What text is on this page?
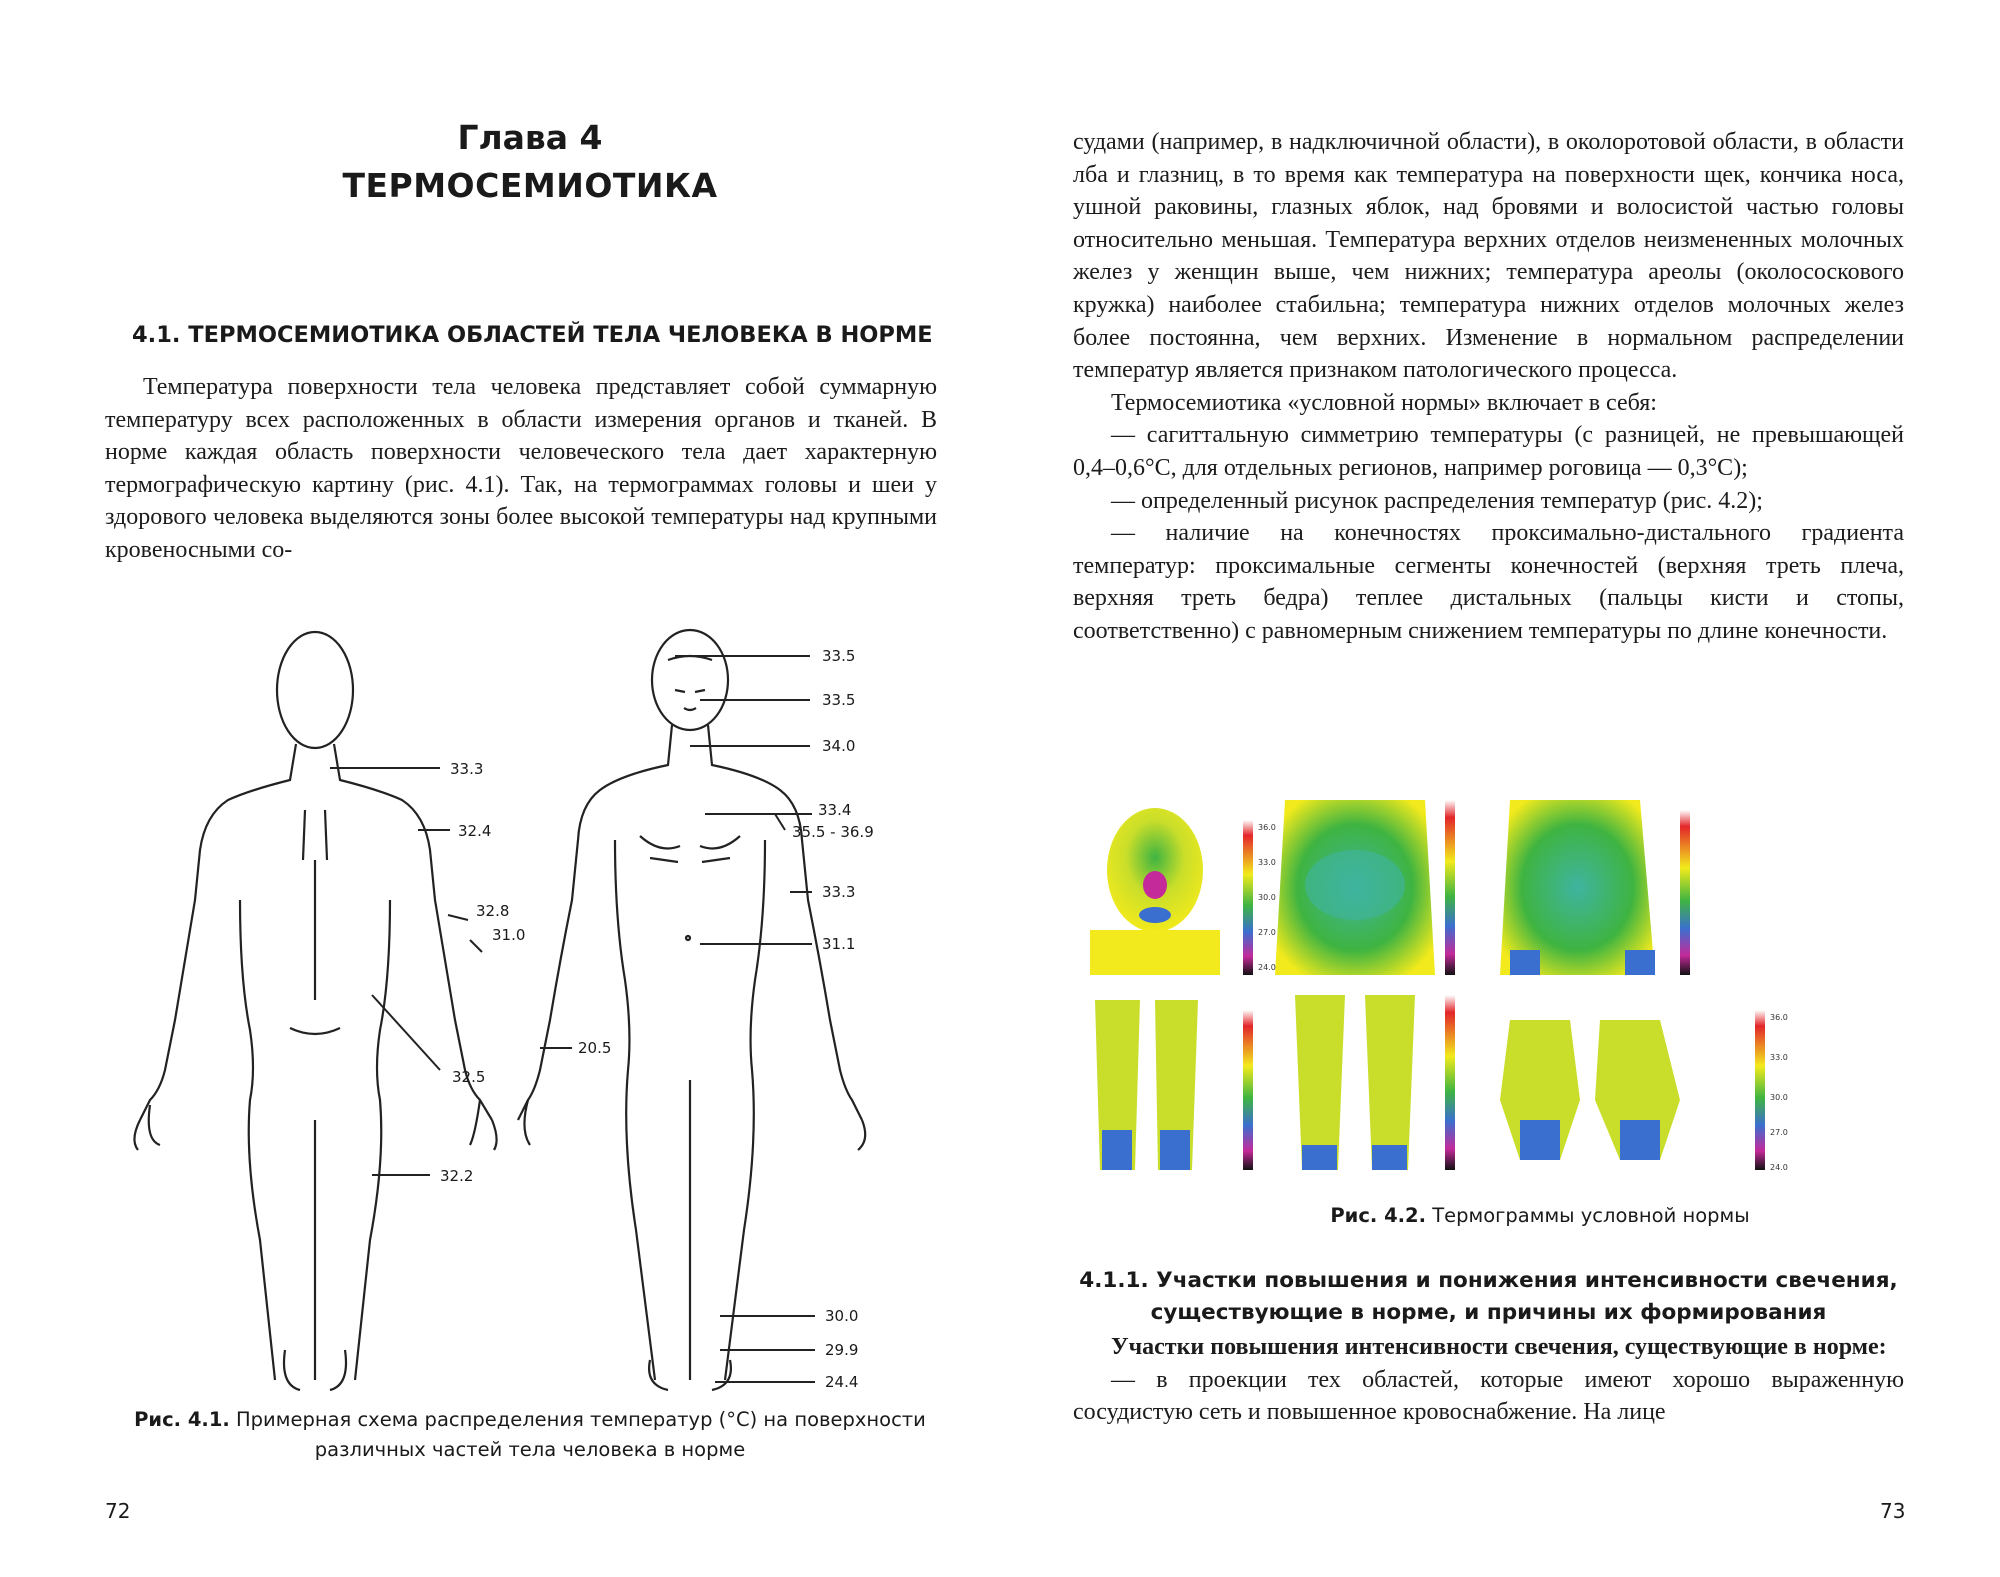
Глава 4
ТЕРМОСЕМИОТИКА
4.1. ТЕРМОСЕМИОТИКА ОБЛАСТЕЙ ТЕЛА ЧЕЛОВЕКА В НОРМЕ

Температура поверхности тела человека представляет собой суммарную температуру всех расположенных в области измерения органов и тканей. В норме каждая область поверхности человеческого тела дает характерную термографическую картину (рис. 4.1). Так, на термограммах головы и шеи у здорового человека выделяются зоны более высокой температуры над крупными кровеносными со-

33.3
32.4
32.8
31.0
32.5
32.2
33.5
33.5
34.0
33.4
35.5 - 36.9
33.3
31.1
20.5
30.0
29.9
24.4
Рис. 4.1. Примерная схема распределения температур (°С) на поверхности различных частей тела человека в норме
72

судами (например, в надключичной области), в околоротовой области, в области лба и глазниц, в то время как температура на поверхности щек, кончика носа, ушной раковины, глазных яблок, над бровями и волосистой частью головы относительно меньшая. Температура верхних отделов неизмененных молочных желез у женщин выше, чем нижних; температура ареолы (околососкового кружка) наиболее стабильна; температура нижних отделов молочных желез более постоянна, чем верхних. Изменение в нормальном распределении температур является признаком патологического процесса.

Термосемиотика «условной нормы» включает в себя:

— сагиттальную симметрию температуры (с разницей, не превышающей 0,4–0,6°С, для отдельных регионов, например роговица — 0,3°С);

— определенный рисунок распределения температур (рис. 4.2);

— наличие на конечностях проксимально-дистального градиента температур: проксимальные сегменты конечностей (верхняя треть плеча, верхняя треть бедра) теплее дистальных (пальцы кисти и стопы, соответственно) с равномерным снижением температуры по длине конечности.

36.0
33.0
30.0
27.0
24.0
36.0
33.0
30.0
27.0
24.0
Рис. 4.2. Термограммы условной нормы
4.1.1. Участки повышения и понижения интенсивности свечения, существующие в норме, и причины их формирования

Участки повышения интенсивности свечения, существующие в норме:

— в проекции тех областей, которые имеют хорошо выраженную сосудистую сеть и повышенное кровоснабжение. На лице

73
